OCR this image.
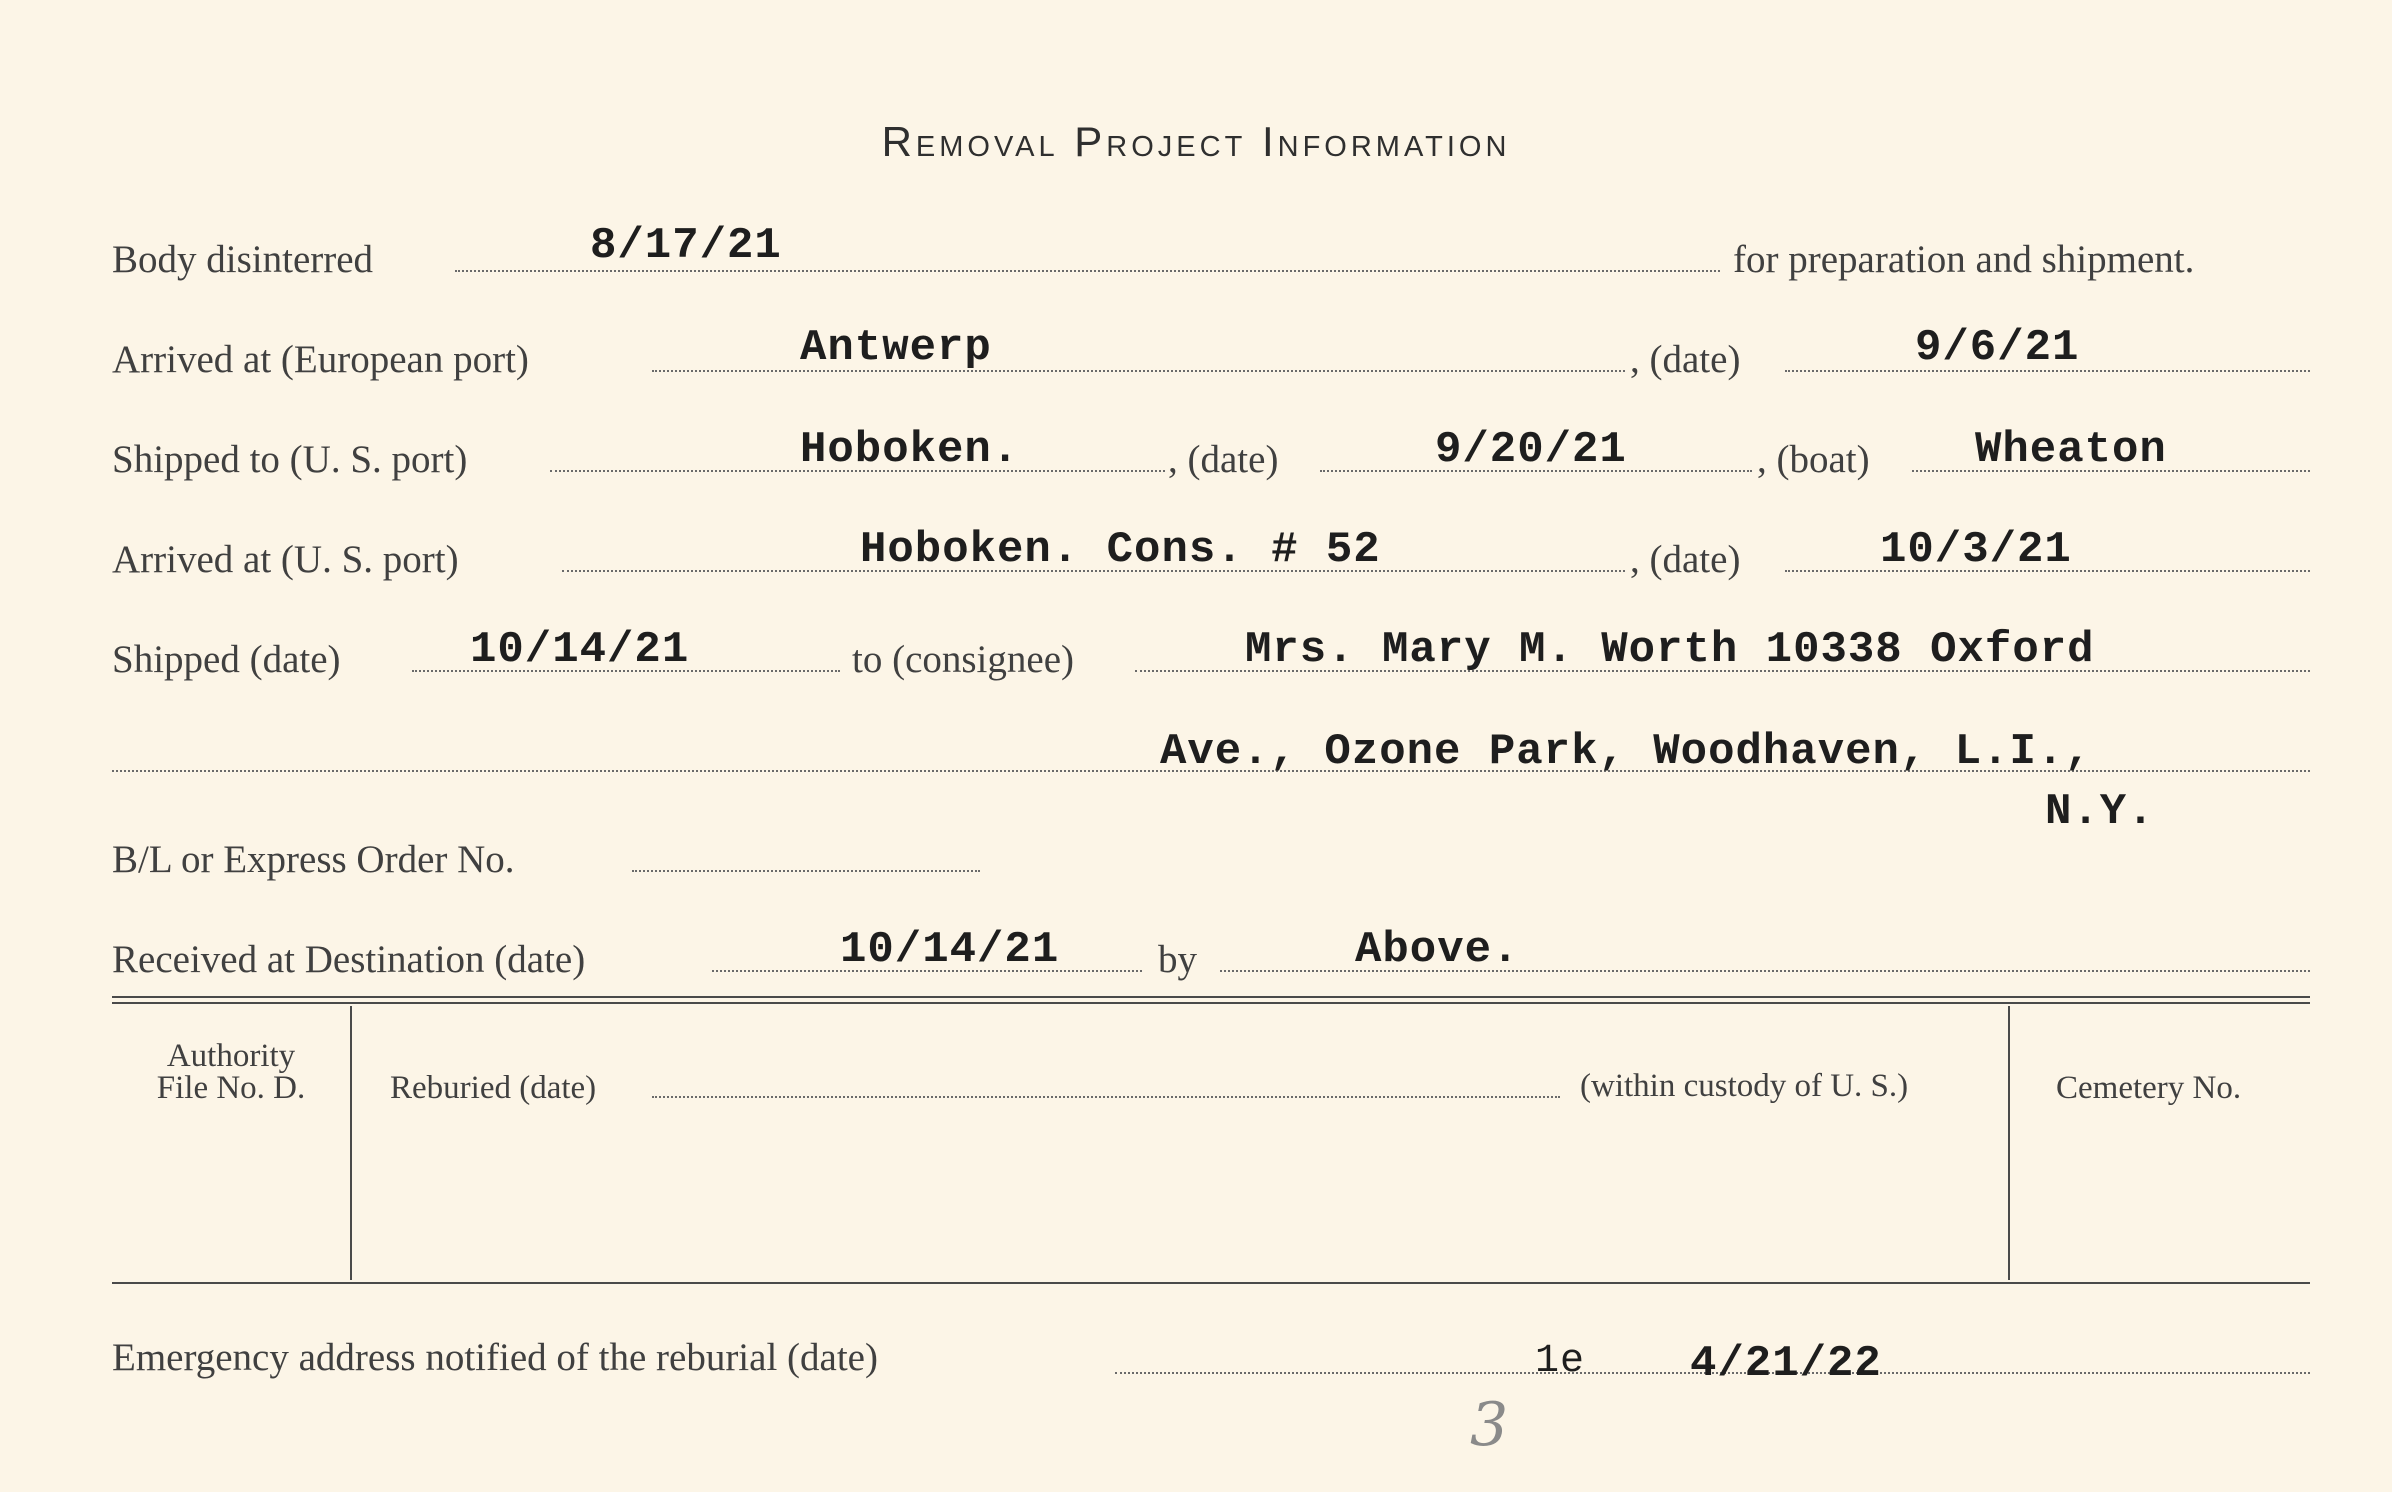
Removal Project Information
Body disinterred	8/17/21	for preparation and shipment.
Arrived at (European port)	Antwerp	, (date)	9/6/21
Shipped to (U. S. port)	Hoboken.	, (date)	9/20/21	, (boat) Wheaton
Arrived at (U. S. port)	Hoboken. Cons. # 52	, (date)	10/3/21
Shipped (date)	10/14/21	to (consignee)	Mrs. Mary M. Worth 10338 Oxford
Ave., Ozone Park, Woodhaven, L.I.,
N.Y.
B/L or Express Order No.
Received at Destination (date)	10/14/21	by	Above.
Authority
File No. D.	Reburied (date)	(within custody of U. S.)	Cemetery No.
Emergency address notified of the reburial (date)	1e 4/21/22
3
